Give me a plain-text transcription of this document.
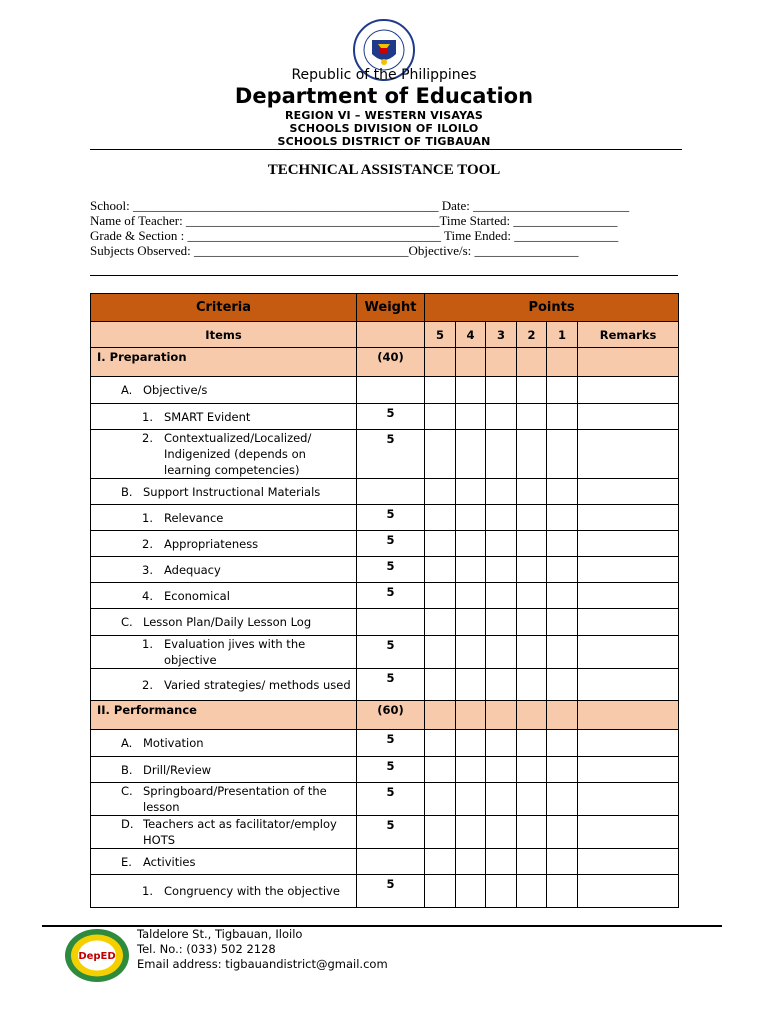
Republic of the Philippines
Department of Education
REGION VI – WESTERN VISAYAS
SCHOOLS DIVISION OF ILOILO
SCHOOLS DISTRICT OF TIGBAUAN
TECHNICAL ASSISTANCE TOOL
School: _______________________________________________ Date: ________________________
Name of Teacher: _______________________________________Time Started: ________________
Grade & Section : _______________________________________ Time Ended: ________________
Subjects Observed: _________________________________Objective/s: ________________
Criteria	Weight	Points					
Items		5	4	3	2	1	Remarks
I. Preparation	(40)						

A. Objective/s							

1. SMART Evident	5						

2. Contextualized/Localized/ Indigenized (depends on learning competencies)	5						

B. Support Instructional Materials							

1. Relevance	5						

2. Appropriateness	5						

3. Adequacy	5						

4. Economical	5						

C. Lesson Plan/Daily Lesson Log							

1. Evaluation jives with the objective	5						

2. Varied strategies/ methods used	5						
II. Performance	(60)						

A. Motivation	5						

B. Drill/Review	5						

C. Springboard/Presentation of the lesson	5						

D. Teachers act as facilitator/employ HOTS	5						

E. Activities							

1. Congruency with the objective	5						
DepED
Taldelore St., Tigbauan, Iloilo
Tel. No.: (033) 502 2128
Email address: tigbauandistrict@gmail.com
